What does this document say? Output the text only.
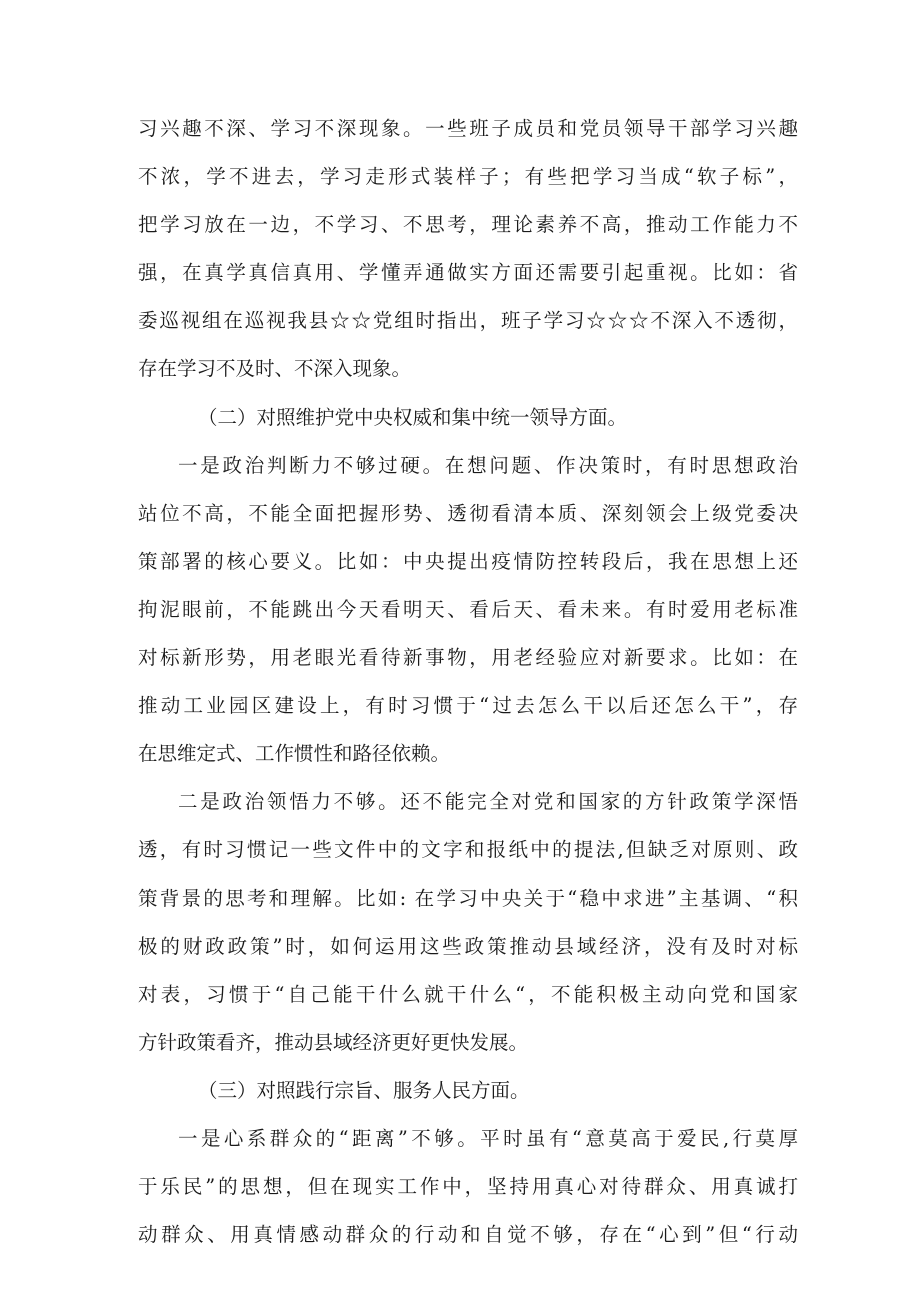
习兴趣不深、学习不深现象。一些班子成员和党员领导干部学习兴趣
不浓，学不进去，学习走形式装样子；有些把学习当成“软子标”，
把学习放在一边，不学习、不思考，理论素养不高，推动工作能力不
强，在真学真信真用、学懂弄通做实方面还需要引起重视。比如：省
委巡视组在巡视我县☆☆党组时指出，班子学习☆☆☆不深入不透彻，
存在学习不及时、不深入现象。
（二）对照维护党中央权威和集中统一领导方面。
一是政治判断力不够过硬。在想问题、作决策时，有时思想政治
站位不高，不能全面把握形势、透彻看清本质、深刻领会上级党委决
策部署的核心要义。比如：中央提出疫情防控转段后，我在思想上还
拘泥眼前，不能跳出今天看明天、看后天、看未来。有时爱用老标准
对标新形势，用老眼光看待新事物，用老经验应对新要求。比如：在
推动工业园区建设上，有时习惯于“过去怎么干以后还怎么干”，存
在思维定式、工作惯性和路径依赖。
二是政治领悟力不够。还不能完全对党和国家的方针政策学深悟
透，有时习惯记一些文件中的文字和报纸中的提法,但缺乏对原则、政
策背景的思考和理解。比如: 在学习中央关于“稳中求进”主基调、“积
极的财政政策”时，如何运用这些政策推动县域经济，没有及时对标
对表，习惯于“自己能干什么就干什么“，不能积极主动向党和国家
方针政策看齐，推动县域经济更好更快发展。
（三）对照践行宗旨、服务人民方面。
一是心系群众的“距离”不够。平时虽有“意莫高于爱民,行莫厚
于乐民”的思想，但在现实工作中，坚持用真心对待群众、用真诚打
动群众、用真情感动群众的行动和自觉不够，存在“心到”但“行动
